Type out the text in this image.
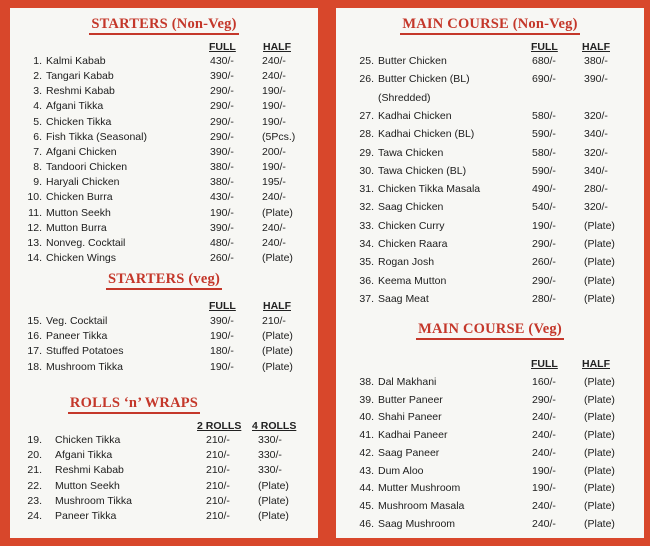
STARTERS (Non-Veg)
FULL	HALF
1. Kalmi Kabab	430/-	240/-
2. Tangari Kabab	390/-	240/-
3. Reshmi Kabab	290/-	190/-
4. Afgani Tikka	290/-	190/-
5. Chicken Tikka	290/-	190/-
6. Fish Tikka (Seasonal)	290/-	(5Pcs.)
7. Afgani Chicken	390/-	200/-
8. Tandoori Chicken	380/-	190/-
9. Haryali Chicken	380/-	195/-
10. Chicken Burra	430/-	240/-
11. Mutton Seekh	190/-	(Plate)
12. Mutton Burra	390/-	240/-
13. Nonveg. Cocktail	480/-	240/-
14. Chicken Wings	260/-	(Plate)
STARTERS (veg)
FULL	HALF
15. Veg. Cocktail	390/-	210/-
16. Paneer Tikka	190/-	(Plate)
17. Stuffed Potatoes	180/-	(Plate)
18. Mushroom Tikka	190/-	(Plate)
ROLLS ‘n’ WRAPS
2 ROLLS 4 ROLLS
19. Chicken Tikka	210/-	330/-
20. Afgani Tikka	210/-	330/-
21. Reshmi Kabab	210/-	330/-
22. Mutton Seekh	210/-	(Plate)
23. Mushroom Tikka	210/-	(Plate)
24. Paneer Tikka	210/-	(Plate)
MAIN COURSE (Non-Veg)
FULL HALF
25. Butter Chicken	680/-	380/-
26. Butter Chicken (BL)	690/-	390/-
(Shredded)
27. Kadhai Chicken	580/-	320/-
28. Kadhai Chicken (BL)	590/-	340/-
29. Tawa Chicken	580/-	320/-
30. Tawa Chicken (BL)	590/-	340/-
31. Chicken Tikka Masala	490/-	280/-
32. Saag Chicken	540/-	320/-
33. Chicken Curry	190/-	(Plate)
34. Chicken Raara	290/-	(Plate)
35. Rogan Josh	260/-	(Plate)
36. Keema Mutton	290/-	(Plate)
37. Saag Meat	280/-	(Plate)
MAIN COURSE (Veg)
FULL HALF
38. Dal Makhani	160/-	(Plate)
39. Butter Paneer	290/-	(Plate)
40. Shahi Paneer	240/-	(Plate)
41. Kadhai Paneer	240/-	(Plate)
42. Saag Paneer	240/-	(Plate)
43. Dum Aloo	190/-	(Plate)
44. Mutter Mushroom	190/-	(Plate)
45. Mushroom Masala	240/-	(Plate)
46. Saag Mushroom	240/-	(Plate)
